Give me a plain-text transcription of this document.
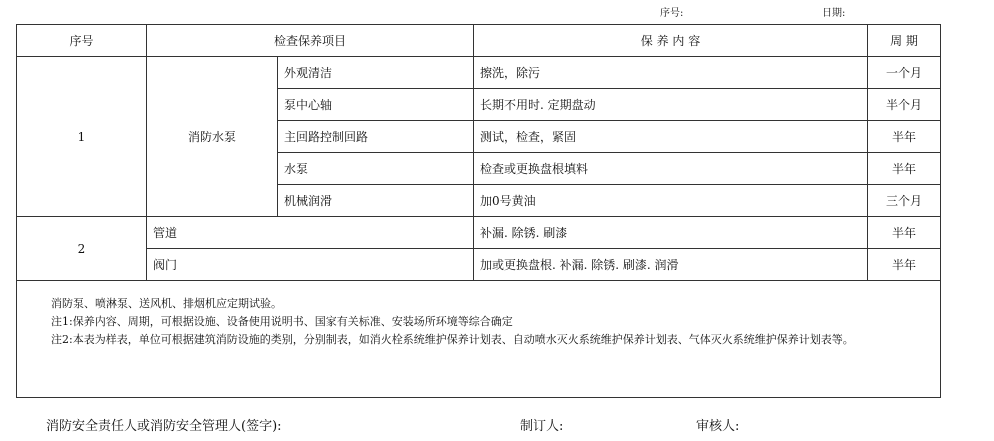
序号:	日期:
序号	检查保养项目		保 养 内 容	周 期
1	消防水泵	外观清洁	擦洗，除污	一个月
		泵中心轴	长期不用时. 定期盘动	半个月
		主回路控制回路	测试，检查，紧固	半年
		水泵	检查或更换盘根填料	半年
		机械润滑	加0号黄油	三个月
2	管道		补漏. 除锈. 刷漆	半年
	阀门		加或更换盘根. 补漏. 除锈. 刷漆. 润滑	半年

消防泵、喷淋泵、送风机、排烟机应定期试验。
注1:保养内容、周期，可根据设施、设备使用说明书、国家有关标准、安装场所环境等综合确定
注2:本表为样表，单位可根据建筑消防设施的类别，分别制表，如消火栓系统维护保养计划表、自动喷水灭火系统维护保养计划表、气体灭火系统维护保养计划表等。				
消防安全责任人或消防安全管理人(签字):	制订人:	审核人:
